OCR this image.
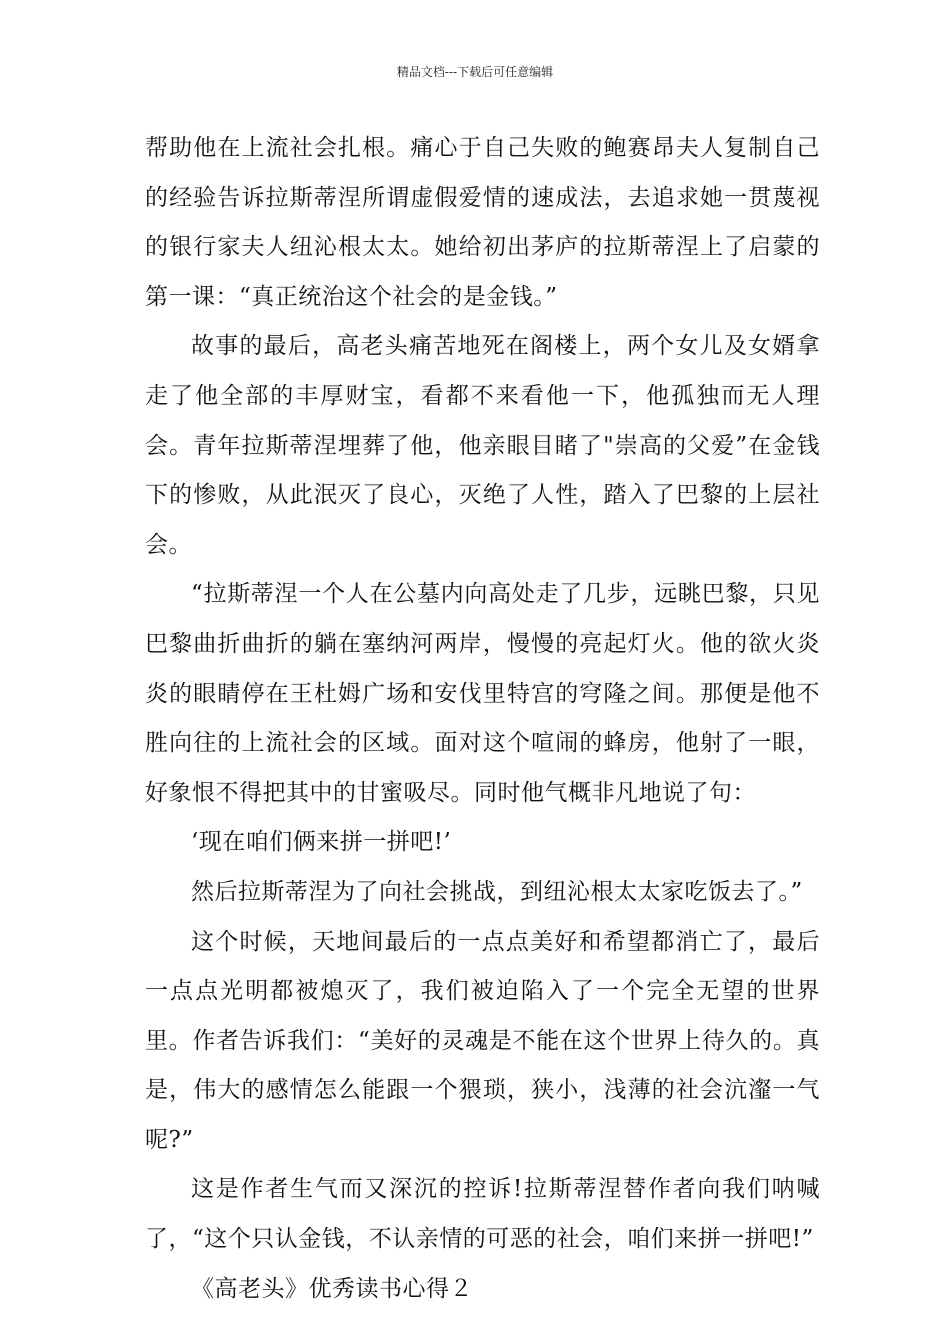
精品文档---下载后可任意编辑

帮助他在上流社会扎根。痛心于自己失败的鲍赛昂夫人复制自己的经验告诉拉斯蒂涅所谓虚假爱情的速成法，去追求她一贯蔑视的银行家夫人纽沁根太太。她给初出茅庐的拉斯蒂涅上了启蒙的第一课：“真正统治这个社会的是金钱。”

故事的最后，高老头痛苦地死在阁楼上，两个女儿及女婿拿走了他全部的丰厚财宝，看都不来看他一下，他孤独而无人理会。青年拉斯蒂涅埋葬了他，他亲眼目睹了"崇高的父爱”在金钱下的惨败，从此泯灭了良心，灭绝了人性，踏入了巴黎的上层社会。

“拉斯蒂涅一个人在公墓内向高处走了几步，远眺巴黎，只见巴黎曲折曲折的躺在塞纳河两岸，慢慢的亮起灯火。他的欲火炎炎的眼睛停在王杜姆广场和安伐里特宫的穹隆之间。那便是他不胜向往的上流社会的区域。面对这个喧闹的蜂房，他射了一眼，好象恨不得把其中的甘蜜吸尽。同时他气概非凡地说了句：

‘现在咱们俩来拼一拼吧!’

然后拉斯蒂涅为了向社会挑战，到纽沁根太太家吃饭去了。”

这个时候，天地间最后的一点点美好和希望都消亡了，最后一点点光明都被熄灭了，我们被迫陷入了一个完全无望的世界里。作者告诉我们：“美好的灵魂是不能在这个世界上待久的。真是，伟大的感情怎么能跟一个猥琐，狭小，浅薄的社会沆瀣一气呢?”

这是作者生气而又深沉的控诉!拉斯蒂涅替作者向我们呐喊了，“这个只认金钱，不认亲情的可恶的社会，咱们来拼一拼吧!”

《高老头》优秀读书心得２
